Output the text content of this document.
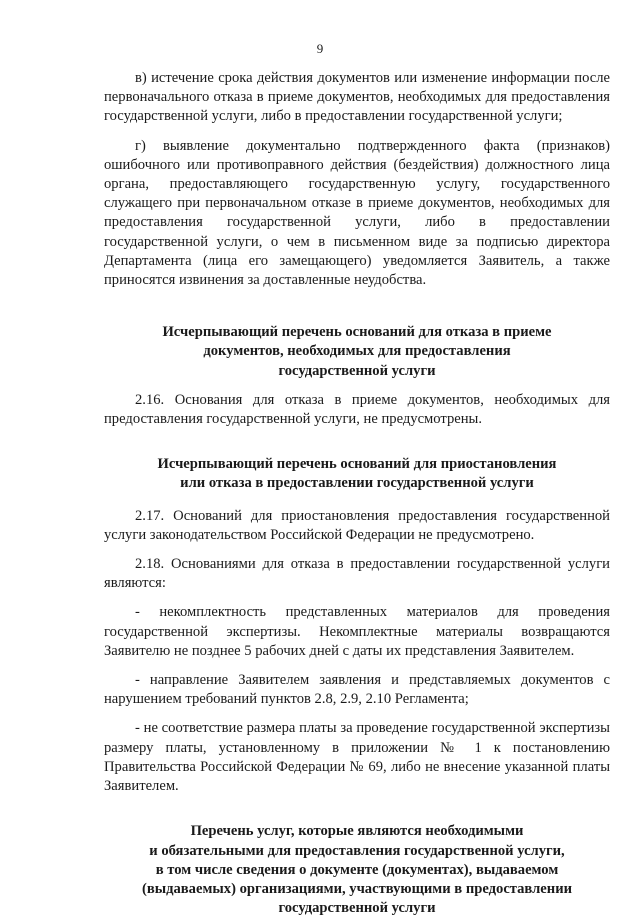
9

в) истечение срока действия документов или изменение информации после первоначального отказа в приеме документов, необходимых для предоставления государственной услуги, либо в предоставлении государственной услуги;

г) выявление документально подтвержденного факта (признаков) ошибочного или противоправного действия (бездействия) должностного лица органа, предоставляющего государственную услугу, государственного служащего при первоначальном отказе в приеме документов, необходимых для предоставления государственной услуги, либо в предоставлении государственной услуги, о чем в письменном виде за подписью директора Департамента (лица его замещающего) уведомляется Заявитель, а также приносятся извинения за доставленные неудобства.

Исчерпывающий перечень оснований для отказа в приеме
документов, необходимых для предоставления
государственной услуги

2.16. Основания для отказа в приеме документов, необходимых для предоставления государственной услуги, не предусмотрены.

Исчерпывающий перечень оснований для приостановления
или отказа в предоставлении государственной услуги

2.17. Оснований для приостановления предоставления государственной услуги законодательством Российской Федерации не предусмотрено.

2.18. Основаниями для отказа в предоставлении государственной услуги являются:

- некомплектность представленных материалов для проведения государственной экспертизы. Некомплектные материалы возвращаются Заявителю не позднее 5 рабочих дней с даты их представления Заявителем.

- направление Заявителем заявления и представляемых документов с нарушением требований пунктов 2.8, 2.9, 2.10 Регламента;

- не соответствие размера платы за проведение государственной экспертизы размеру платы, установленному в приложении № 1 к постановлению Правительства Российской Федерации № 69, либо не внесение указанной платы Заявителем.

Перечень услуг, которые являются необходимыми
и обязательными для предоставления государственной услуги,
в том числе сведения о документе (документах), выдаваемом
(выдаваемых) организациями, участвующими в предоставлении
государственной услуги
